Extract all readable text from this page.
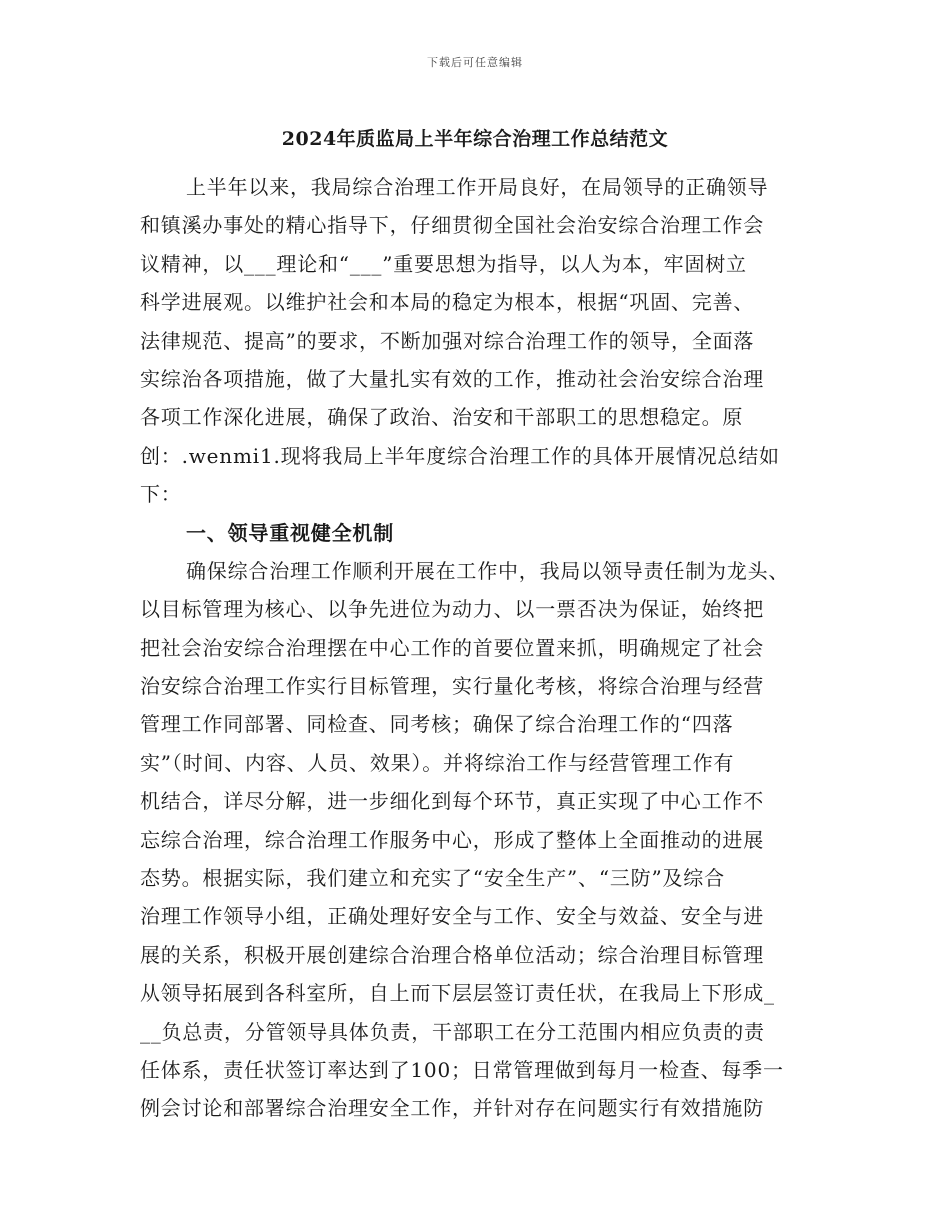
下载后可任意编辑
2024年质监局上半年综合治理工作总结范文
上半年以来，我局综合治理工作开局良好，在局领导的正确领导
和镇溪办事处的精心指导下，仔细贯彻全国社会治安综合治理工作会
议精神，以___理论和“___”重要思想为指导，以人为本，牢固树立
科学进展观。以维护社会和本局的稳定为根本，根据“巩固、完善、
法律规范、提高”的要求，不断加强对综合治理工作的领导，全面落
实综治各项措施，做了大量扎实有效的工作，推动社会治安综合治理
各项工作深化进展，确保了政治、治安和干部职工的思想稳定。原
创：.wenmi1.现将我局上半年度综合治理工作的具体开展情况总结如
下：
一、领导重视健全机制
确保综合治理工作顺利开展在工作中，我局以领导责任制为龙头、
以目标管理为核心、以争先进位为动力、以一票否决为保证，始终把
把社会治安综合治理摆在中心工作的首要位置来抓，明确规定了社会
治安综合治理工作实行目标管理，实行量化考核，将综合治理与经营
管理工作同部署、同检查、同考核；确保了综合治理工作的“四落
实”（时间、内容、人员、效果）。并将综治工作与经营管理工作有
机结合，详尽分解，进一步细化到每个环节，真正实现了中心工作不
忘综合治理，综合治理工作服务中心，形成了整体上全面推动的进展
态势。根据实际，我们建立和充实了“安全生产”、“三防”及综合
治理工作领导小组，正确处理好安全与工作、安全与效益、安全与进
展的关系，积极开展创建综合治理合格单位活动；综合治理目标管理
从领导拓展到各科室所，自上而下层层签订责任状，在我局上下形成_
__负总责，分管领导具体负责，干部职工在分工范围内相应负责的责
任体系，责任状签订率达到了100；日常管理做到每月一检查、每季一
例会讨论和部署综合治理安全工作，并针对存在问题实行有效措施防
